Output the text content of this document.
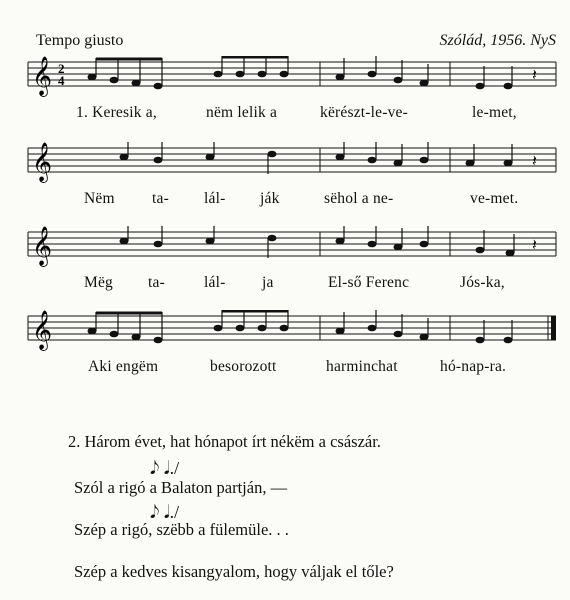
Tempo giusto	Szólád, 1956. NyS
𝄞 2
4	𝄽
1. Keresik a,	nëm lelik a	kërészt-le-ve-	le-met,
𝄞	𝄽
Nëm ta- lál- ják	sëhol a ne-	ve-met.
𝄞	𝄽
Mëg ta-	lál- ja	El-ső Ferenc	Jós-ka,
𝄞
Aki engëm	besorozott	harminchat	hó-nap-ra.
2. Három évet, hat hónapot írt nékëm a császár.
𝅘𝅥𝅮 𝅘𝅥./
Szól a rigó a Balaton partján, —
𝅘𝅥𝅮 𝅘𝅥./
Szép a rigó, szëbb a fülemüle. . .
Szép a kedves kisangyalom, hogy váljak el tőle?
